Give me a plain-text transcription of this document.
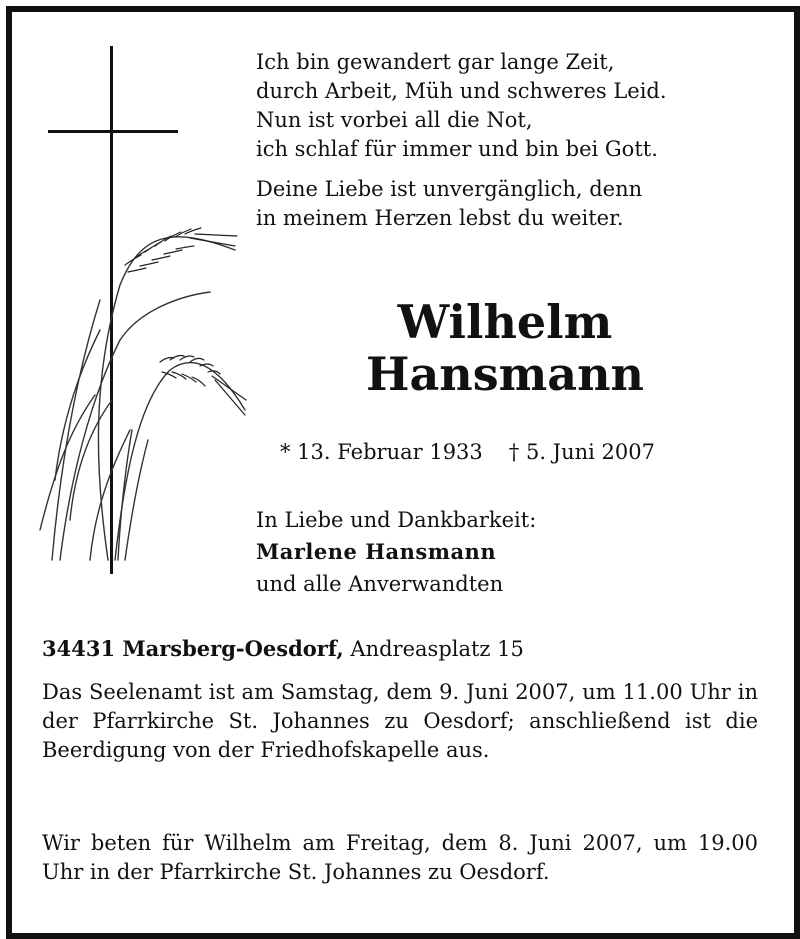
Ich bin gewandert gar lange Zeit,

durch Arbeit, Müh und schweres Leid.

Nun ist vorbei all die Not,

ich schlaf für immer und bin bei Gott.

Deine Liebe ist unvergänglich, denn

in meinem Herzen lebst du weiter.

Wilhelm
Hansmann
* 13. Februar 1933 † 5. Juni 2007
In Liebe und Dankbarkeit:
Marlene Hansmann
und alle Anverwandten
34431 Marsberg-Oesdorf, Andreasplatz 15

Das Seelenamt ist am Samstag, dem 9. Juni 2007, um 11.00 Uhr in der Pfarrkirche St. Johannes zu Oesdorf; anschließend ist die Beerdigung von der Friedhofskapelle aus.

Wir beten für Wilhelm am Freitag, dem 8. Juni 2007, um 19.00 Uhr in der Pfarrkirche St. Johannes zu Oesdorf.
